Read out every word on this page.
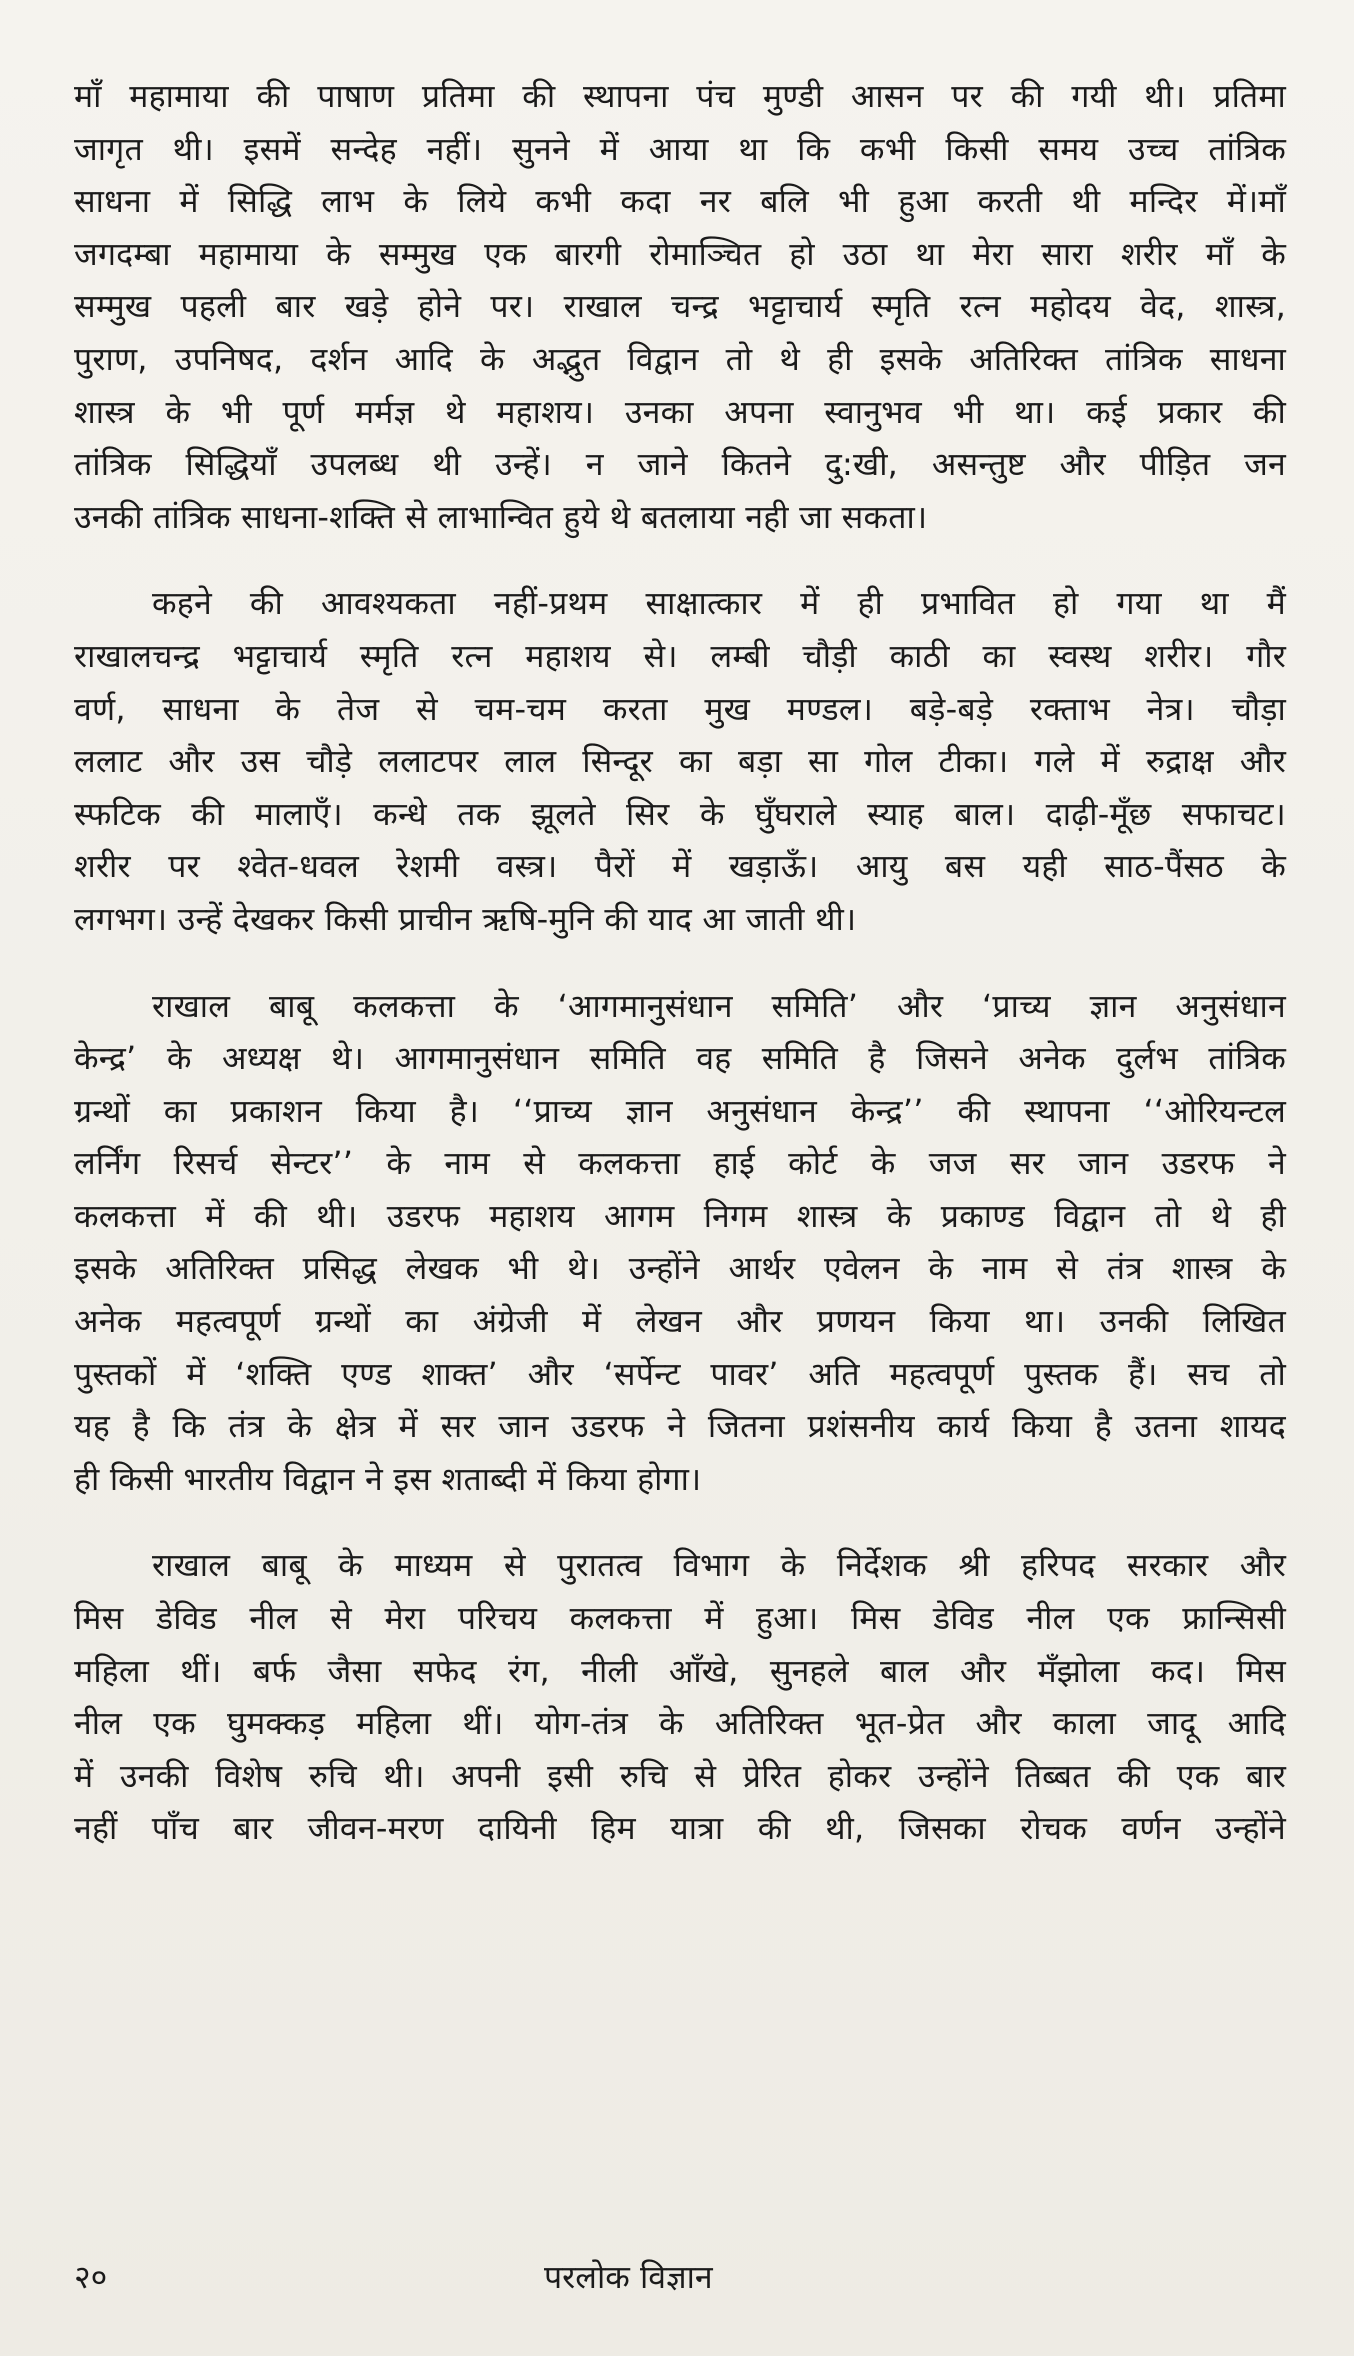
माँ महामाया की पाषाण प्रतिमा की स्थापना पंच मुण्डी आसन पर की गयी थी। प्रतिमा
जागृत थी। इसमें सन्देह नहीं। सुनने में आया था कि कभी किसी समय उच्च तांत्रिक
साधना में सिद्धि लाभ के लिये कभी कदा नर बलि भी हुआ करती थी मन्दिर में।माँ
जगदम्बा महामाया के सम्मुख एक बारगी रोमाञ्चित हो उठा था मेरा सारा शरीर माँ के
सम्मुख पहली बार खड़े होने पर। राखाल चन्द्र भट्टाचार्य स्मृति रत्न महोदय वेद, शास्त्र,
पुराण, उपनिषद, दर्शन आदि के अद्भुत विद्वान तो थे ही इसके अतिरिक्त तांत्रिक साधना
शास्त्र के भी पूर्ण मर्मज्ञ थे महाशय। उनका अपना स्वानुभव भी था। कई प्रकार की
तांत्रिक सिद्धियाँ उपलब्ध थी उन्हें। न जाने कितने दु:खी, असन्तुष्ट और पीड़ित जन
उनकी तांत्रिक साधना-शक्ति से लाभान्वित हुये थे बतलाया नही जा सकता।

कहने की आवश्यकता नहीं-प्रथम साक्षात्कार में ही प्रभावित हो गया था मैं
राखालचन्द्र भट्टाचार्य स्मृति रत्न महाशय से। लम्बी चौड़ी काठी का स्वस्थ शरीर। गौर
वर्ण, साधना के तेज से चम-चम करता मुख मण्डल। बड़े-बड़े रक्ताभ नेत्र। चौड़ा
ललाट और उस चौड़े ललाटपर लाल सिन्दूर का बड़ा सा गोल टीका। गले में रुद्राक्ष और
स्फटिक की मालाएँ। कन्धे तक झूलते सिर के घुँघराले स्याह बाल। दाढ़ी-मूँछ सफाचट।
शरीर पर श्वेत-धवल रेशमी वस्त्र। पैरों में खड़ाऊँ। आयु बस यही साठ-पैंसठ के
लगभग। उन्हें देखकर किसी प्राचीन ऋषि-मुनि की याद आ जाती थी।

राखाल बाबू कलकत्ता के ‘आगमानुसंधान समिति’ और ‘प्राच्य ज्ञान अनुसंधान
केन्द्र’ के अध्यक्ष थे। आगमानुसंधान समिति वह समिति है जिसने अनेक दुर्लभ तांत्रिक
ग्रन्थों का प्रकाशन किया है। ‘‘प्राच्य ज्ञान अनुसंधान केन्द्र’’ की स्थापना ‘‘ओरियन्टल
लर्निंग रिसर्च सेन्टर’’ के नाम से कलकत्ता हाई कोर्ट के जज सर जान उडरफ ने
कलकत्ता में की थी। उडरफ महाशय आगम निगम शास्त्र के प्रकाण्ड विद्वान तो थे ही
इसके अतिरिक्त प्रसिद्ध लेखक भी थे। उन्होंने आर्थर एवेलन के नाम से तंत्र शास्त्र के
अनेक महत्वपूर्ण ग्रन्थों का अंग्रेजी में लेखन और प्रणयन किया था। उनकी लिखित
पुस्तकों में ‘शक्ति एण्ड शाक्त’ और ‘सर्पेन्ट पावर’ अति महत्वपूर्ण पुस्तक हैं। सच तो
यह है कि तंत्र के क्षेत्र में सर जान उडरफ ने जितना प्रशंसनीय कार्य किया है उतना शायद
ही किसी भारतीय विद्वान ने इस शताब्दी में किया होगा।

राखाल बाबू के माध्यम से पुरातत्व विभाग के निर्देशक श्री हरिपद सरकार और
मिस डेविड नील से मेरा परिचय कलकत्ता में हुआ। मिस डेविड नील एक फ्रान्सिसी
महिला थीं। बर्फ जैसा सफेद रंग, नीली आँखे, सुनहले बाल और मँझोला कद। मिस
नील एक घुमक्कड़ महिला थीं। योग-तंत्र के अतिरिक्त भूत-प्रेत और काला जादू आदि
में उनकी विशेष रुचि थी। अपनी इसी रुचि से प्रेरित होकर उन्होंने तिब्बत की एक बार
नहीं पाँच बार जीवन-मरण दायिनी हिम यात्रा की थी, जिसका रोचक वर्णन उन्होंने

२०	परलोक विज्ञान
